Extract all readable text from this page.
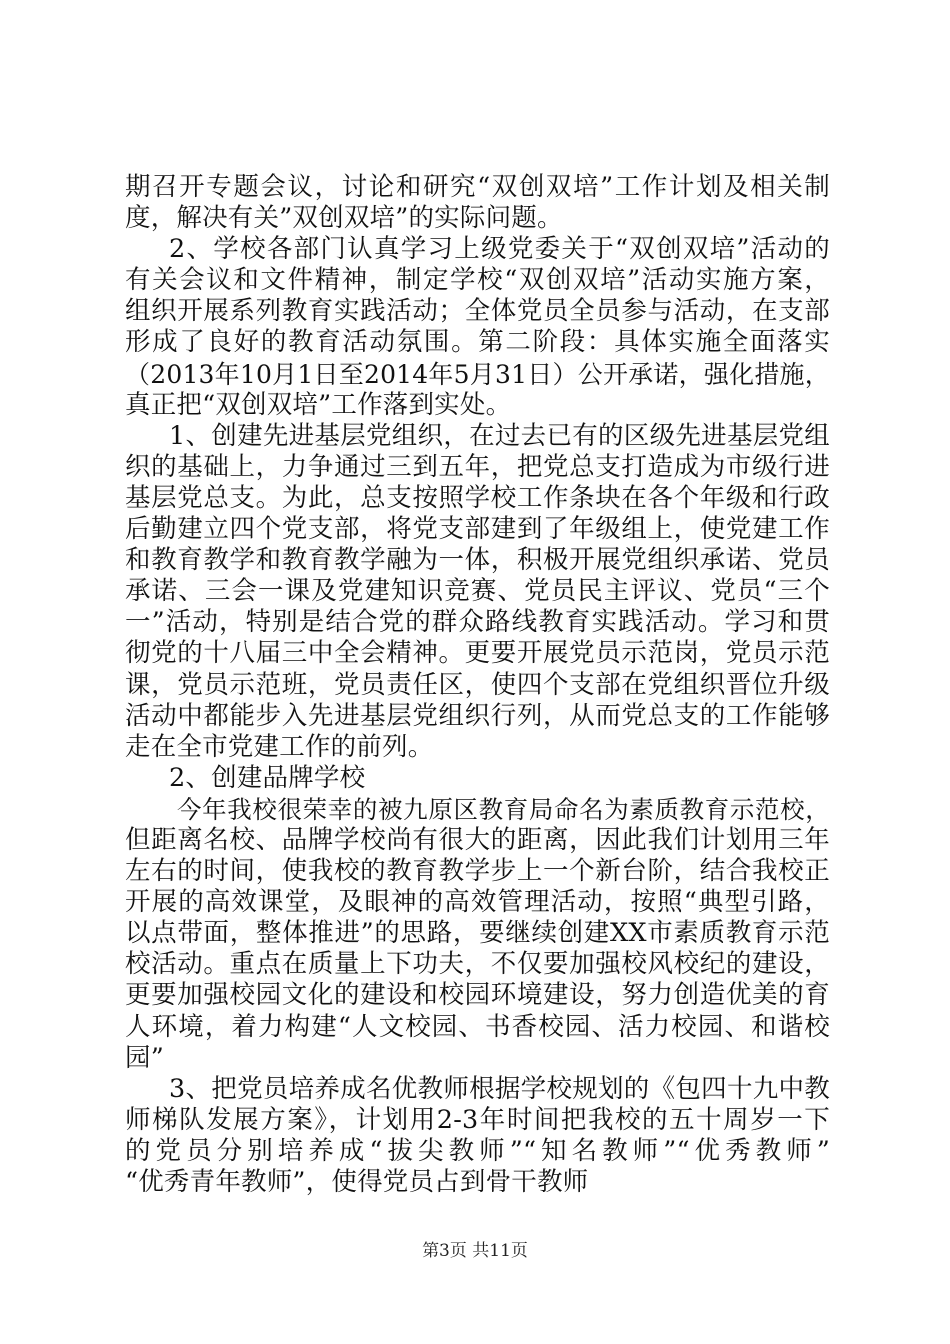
期召开专题会议，讨论和研究“双创双培”工作计划及相关制
度，解决有关”双创双培”的实际问题。
2、学校各部门认真学习上级党委关于“双创双培”活动的
有关会议和文件精神，制定学校“双创双培”活动实施方案，
组织开展系列教育实践活动；全体党员全员参与活动，在支部
形成了良好的教育活动氛围。第二阶段：具体实施全面落实
（2013年10月1日至2014年5月31日）公开承诺，强化措施，
真正把“双创双培”工作落到实处。
1、创建先进基层党组织，在过去已有的区级先进基层党组
织的基础上，力争通过三到五年，把党总支打造成为市级行进
基层党总支。为此，总支按照学校工作条块在各个年级和行政
后勤建立四个党支部，将党支部建到了年级组上，使党建工作
和教育教学和教育教学融为一体，积极开展党组织承诺、党员
承诺、三会一课及党建知识竞赛、党员民主评议、党员“三个
一”活动，特别是结合党的群众路线教育实践活动。学习和贯
彻党的十八届三中全会精神。更要开展党员示范岗，党员示范
课，党员示范班，党员责任区，使四个支部在党组织晋位升级
活动中都能步入先进基层党组织行列，从而党总支的工作能够
走在全市党建工作的前列。
2、创建品牌学校
今年我校很荣幸的被九原区教育局命名为素质教育示范校，
但距离名校、品牌学校尚有很大的距离，因此我们计划用三年
左右的时间，使我校的教育教学步上一个新台阶，结合我校正
开展的高效课堂，及眼神的高效管理活动，按照“典型引路，
以点带面，整体推进”的思路，要继续创建XX市素质教育示范
校活动。重点在质量上下功夫，不仅要加强校风校纪的建设，
更要加强校园文化的建设和校园环境建设，努力创造优美的育
人环境，着力构建“人文校园、书香校园、活力校园、和谐校
园”
3、把党员培养成名优教师根据学校规划的《包四十九中教
师梯队发展方案》，计划用2-3年时间把我校的五十周岁一下
的党员分别培养成“拔尖教师”“知名教师”“优秀教师”
“优秀青年教师”，使得党员占到骨干教师
第3页 共11页
